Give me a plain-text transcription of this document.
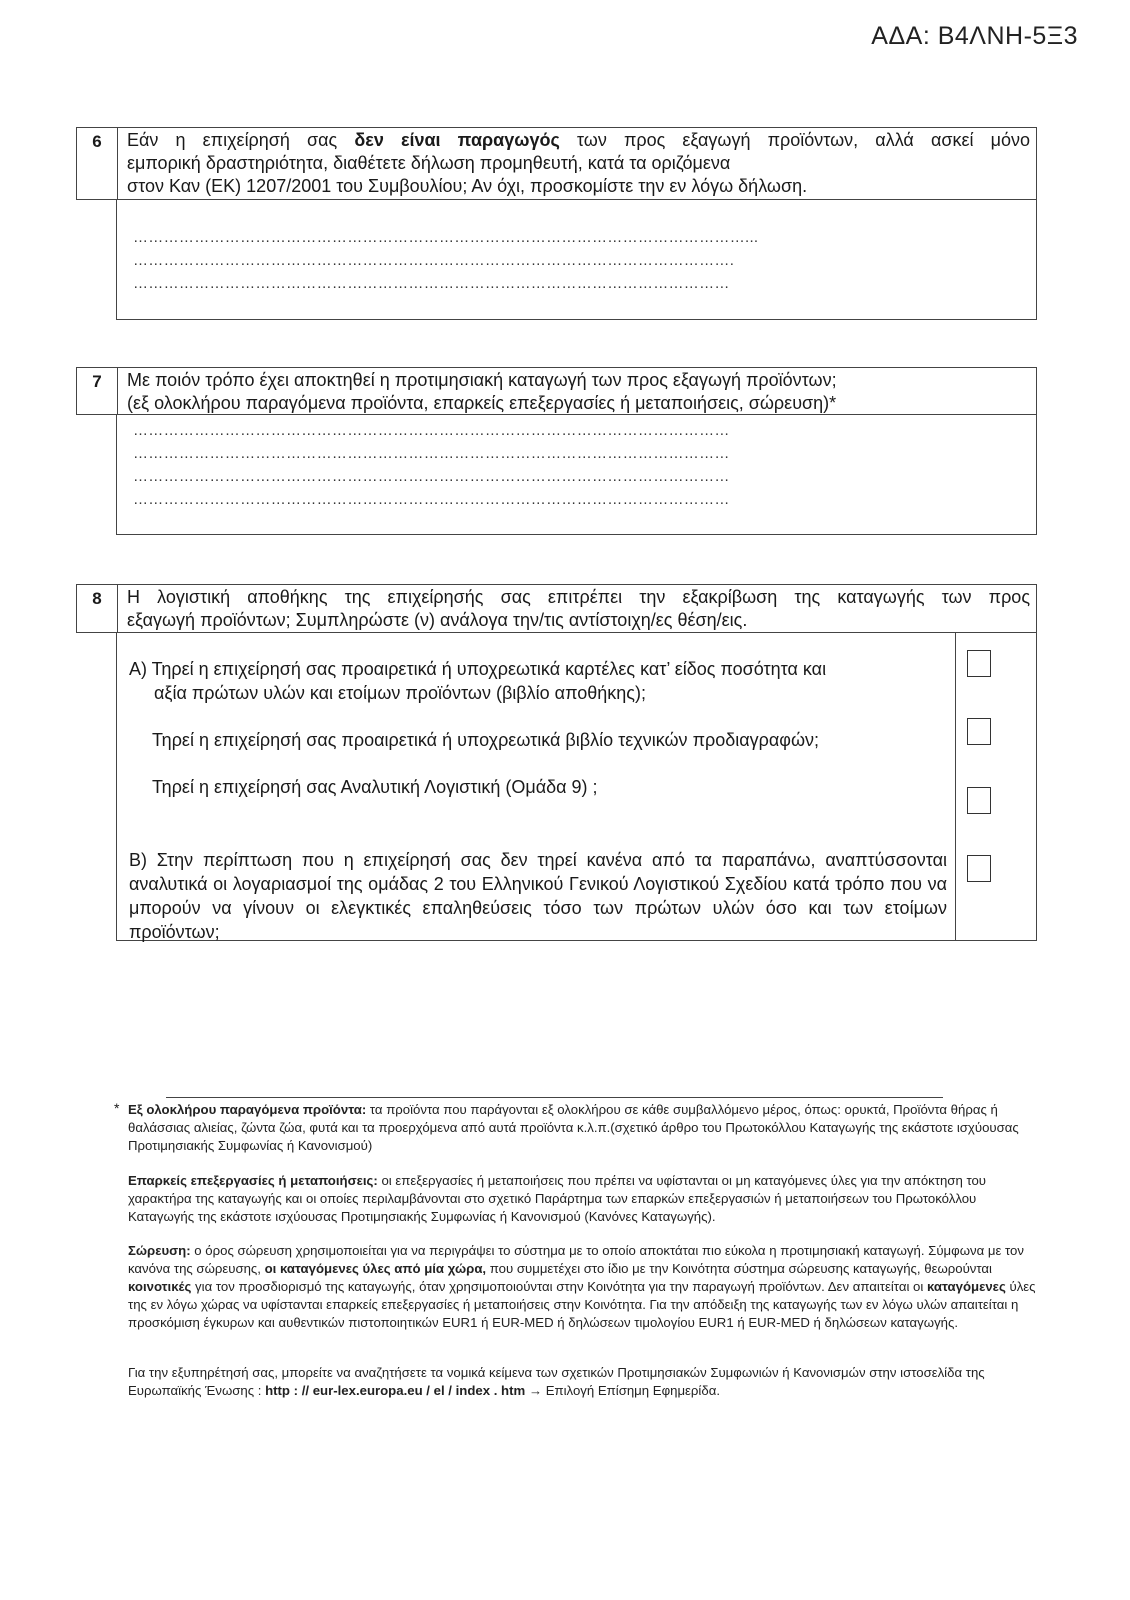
ΑΔΑ: Β4ΛΝΗ-5Ξ3
6	Εάν η επιχείρησή σας δεν είναι παραγωγός των προς εξαγωγή προϊόντων, αλλά ασκεί μόνο
εμπορική δραστηριότητα, διαθέτετε δήλωση προμηθευτή, κατά τα οριζόμενα
στον Καν (ΕΚ) 1207/2001 του Συμβουλίου; Αν όχι, προσκομίστε την εν λόγω δήλωση.
…………………………………………………………………………………………………………...
……………………………………………………………………………………………………….
………………………………………………………………………………………………………
7	Με ποιόν τρόπο έχει αποκτηθεί η προτιμησιακή καταγωγή των προς εξαγωγή προϊόντων;
(εξ ολοκλήρου παραγόμενα προϊόντα, επαρκείς επεξεργασίες ή μεταποιήσεις, σώρευση)*
………………………………………………………………………………………………………
………………………………………………………………………………………………………
………………………………………………………………………………………………………
………………………………………………………………………………………………………
8	Η λογιστική αποθήκης της επιχείρησής σας επιτρέπει την εξακρίβωση της καταγωγής των προς
εξαγωγή προϊόντων; Συμπληρώστε (ν) ανάλογα την/τις αντίστοιχη/ες θέση/εις.
Α) Τηρεί η επιχείρησή σας προαιρετικά ή υποχρεωτικά καρτέλες κατ’ είδος ποσότητα και
αξία πρώτων υλών και ετοίμων προϊόντων (βιβλίο αποθήκης);
Τηρεί η επιχείρησή σας προαιρετικά ή υποχρεωτικά βιβλίο τεχνικών προδιαγραφών;
Τηρεί η επιχείρησή σας Αναλυτική Λογιστική (Ομάδα 9) ;
Β) Στην περίπτωση που η επιχείρησή σας δεν τηρεί κανένα από τα παραπάνω, αναπτύσσονται αναλυτικά οι λογαριασμοί της ομάδας 2 του Ελληνικού Γενικού Λογιστικού Σχεδίου κατά τρόπο που να μπορούν να γίνουν οι ελεγκτικές επαληθεύσεις τόσο των πρώτων υλών όσο και των ετοίμων προϊόντων;
* Εξ ολοκλήρου παραγόμενα προϊόντα: τα προϊόντα που παράγονται εξ ολοκλήρου σε κάθε συμβαλλόμενο μέρος, όπως: ορυκτά, Προϊόντα θήρας ή θαλάσσιας αλιείας, ζώντα ζώα, φυτά και τα προερχόμενα από αυτά προϊόντα κ.λ.π.(σχετικό άρθρο του Πρωτοκόλλου Καταγωγής της εκάστοτε ισχύουσας Προτιμησιακής Συμφωνίας ή Κανονισμού)
Επαρκείς επεξεργασίες ή μεταποιήσεις: οι επεξεργασίες ή μεταποιήσεις που πρέπει να υφίστανται οι μη καταγόμενες ύλες για την απόκτηση του χαρακτήρα της καταγωγής και οι οποίες περιλαμβάνονται στο σχετικό Παράρτημα των επαρκών επεξεργασιών ή μεταποιήσεων του Πρωτοκόλλου Καταγωγής της εκάστοτε ισχύουσας Προτιμησιακής Συμφωνίας ή Κανονισμού (Κανόνες Καταγωγής).
Σώρευση: ο όρος σώρευση χρησιμοποιείται για να περιγράψει το σύστημα με το οποίο αποκτάται πιο εύκολα η προτιμησιακή καταγωγή. Σύμφωνα με τον κανόνα της σώρευσης, οι καταγόμενες ύλες από μία χώρα, που συμμετέχει στο ίδιο με την Κοινότητα σύστημα σώρευσης καταγωγής, θεωρούνται κοινοτικές για τον προσδιορισμό της καταγωγής, όταν χρησιμοποιούνται στην Κοινότητα για την παραγωγή προϊόντων. Δεν απαιτείται οι καταγόμενες ύλες της εν λόγω χώρας να υφίστανται επαρκείς επεξεργασίες ή μεταποιήσεις στην Κοινότητα. Για την απόδειξη της καταγωγής των εν λόγω υλών απαιτείται η προσκόμιση έγκυρων και αυθεντικών πιστοποιητικών EUR1 ή EUR-MED ή δηλώσεων τιμολογίου EUR1 ή EUR-MED ή δηλώσεων καταγωγής.
Για την εξυπηρέτησή σας, μπορείτε να αναζητήσετε τα νομικά κείμενα των σχετικών Προτιμησιακών Συμφωνιών ή Κανονισμών στην ιστοσελίδα της Ευρωπαϊκής Ένωσης : http : // eur-lex.europa.eu / el / index . htm → Επιλογή Επίσημη Εφημερίδα.
